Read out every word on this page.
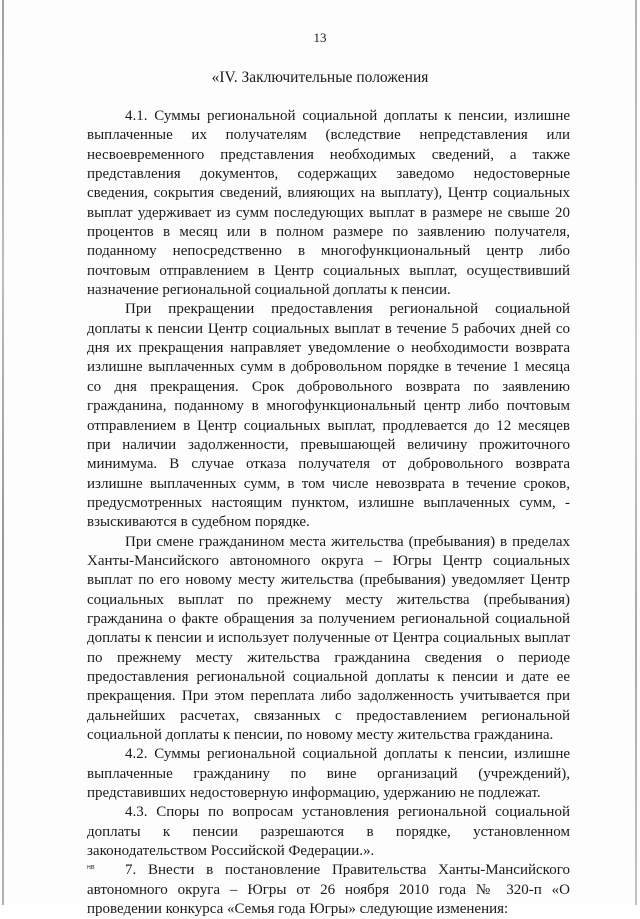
13
«IV. Заключительные положения

4.1. Суммы региональной социальной доплаты к пенсии, излишне выплаченные их получателям (вследствие непредставления или несвоевременного представления необходимых сведений, а также представления документов, содержащих заведомо недостоверные сведения, сокрытия сведений, влияющих на выплату), Центр социальных выплат удерживает из сумм последующих выплат в размере не свыше 20 процентов в месяц или в полном размере по заявлению получателя, поданному непосредственно в многофункциональный центр либо почтовым отправлением в Центр социальных выплат, осуществивший назначение региональной социальной доплаты к пенсии.

При прекращении предоставления региональной социальной доплаты к пенсии Центр социальных выплат в течение 5 рабочих дней со дня их прекращения направляет уведомление о необходимости возврата излишне выплаченных сумм в добровольном порядке в течение 1 месяца со дня прекращения. Срок добровольного возврата по заявлению гражданина, поданному в многофункциональный центр либо почтовым отправлением в Центр социальных выплат, продлевается до 12 месяцев при наличии задолженности, превышающей величину прожиточного минимума. В случае отказа получателя от добровольного возврата излишне выплаченных сумм, в том числе невозврата в течение сроков, предусмотренных настоящим пунктом, излишне выплаченных сумм, - взыскиваются в судебном порядке.

При смене гражданином места жительства (пребывания) в пределах Ханты-Мансийского автономного округа – Югры Центр социальных выплат по его новому месту жительства (пребывания) уведомляет Центр социальных выплат по прежнему месту жительства (пребывания) гражданина о факте обращения за получением региональной социальной доплаты к пенсии и использует полученные от Центра социальных выплат по прежнему месту жительства гражданина сведения о периоде предоставления региональной социальной доплаты к пенсии и дате ее прекращения. При этом переплата либо задолженность учитывается при дальнейших расчетах, связанных с предоставлением региональной социальной доплаты к пенсии, по новому месту жительства гражданина.

4.2. Суммы региональной социальной доплаты к пенсии, излишне выплаченные гражданину по вине организаций (учреждений), представивших недостоверную информацию, удержанию не подлежат.

4.3. Споры по вопросам установления региональной социальной доплаты к пенсии разрешаются в порядке, установленном законодательством Российской Федерации.».

7. Внести в постановление Правительства Ханты-Мансийского автономного округа – Югры от 26 ноября 2010 года № 320-п «О проведении конкурса «Семья года Югры» следующие изменения:

нв
